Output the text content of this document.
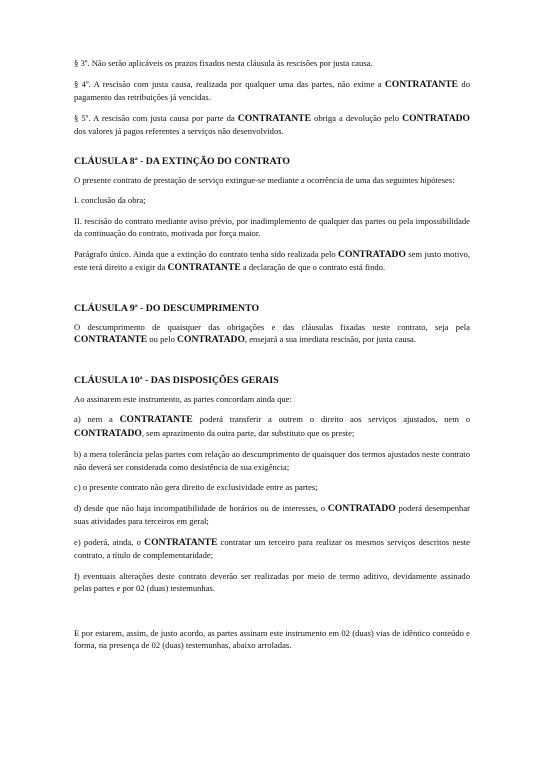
§ 3º. Não serão aplicáveis os prazos fixados nesta cláusula às rescisões por justa causa.

§ 4º. A rescisão com justa causa, realizada por qualquer uma das partes, não exime a CONTRATANTE do pagamento das retribuições já vencidas.

§ 5º. A rescisão com justa causa por parte da CONTRATANTE obriga a devolução pelo CONTRATADO dos valores já pagos referentes a serviços não desenvolvidos.

CLÁUSULA 8ª - DA EXTINÇÃO DO CONTRATO

O presente contrato de prestação de serviço extingue-se mediante a ocorrência de uma das seguintes hipóteses:

I. conclusão da obra;

II. rescisão do contrato mediante aviso prévio, por inadimplemento de qualquer das partes ou pela impossibilidade da continuação do contrato, motivada por força maior.

Parágrafo único. Ainda que a extinção do contrato tenha sido realizada pelo CONTRATADO sem justo motivo, este terá direito a exigir da CONTRATANTE a declaração de que o contrato está findo.

CLÁUSULA 9ª - DO DESCUMPRIMENTO

O descumprimento de quaisquer das obrigações e das cláusulas fixadas neste contrato, seja pela CONTRATANTE ou pelo CONTRATADO, ensejará a sua imediata rescisão, por justa causa.

CLÁUSULA 10ª - DAS DISPOSIÇÕES GERAIS

Ao assinarem este instrumento, as partes concordam ainda que:

a) nem a CONTRATANTE poderá transferir a outrem o direito aos serviços ajustados, nem o CONTRATADO, sem aprazimento da outra parte, dar substituto que os preste;

b) a mera tolerância pelas partes com relação ao descumprimento de quaisquer dos termos ajustados neste contrato não deverá ser considerada como desistência de sua exigência;

c) o presente contrato não gera direito de exclusividade entre as partes;

d) desde que não haja incompatibilidade de horários ou de interesses, o CONTRATADO poderá desempenhar suas atividades para terceiros em geral;

e) poderá, ainda, o CONTRATANTE contratar um terceiro para realizar os mesmos serviços descritos neste contrato, a título de complementaridade;

f) eventuais alterações deste contrato deverão ser realizadas por meio de termo aditivo, devidamente assinado pelas partes e por 02 (duas) testemunhas.

E por estarem, assim, de justo acordo, as partes assinam este instrumento em 02 (duas) vias de idêntico conteúdo e forma, na presença de 02 (duas) testemunhas, abaixo arroladas.
